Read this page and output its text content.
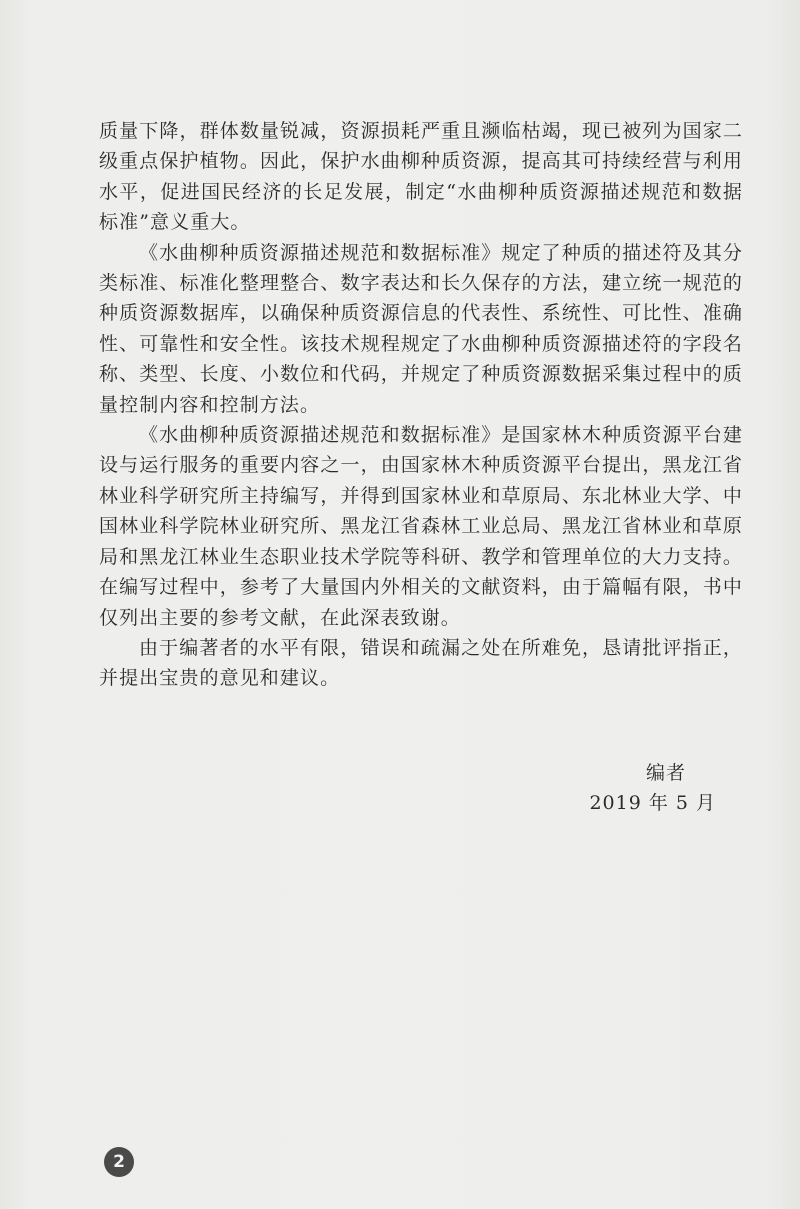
质量下降，群体数量锐减，资源损耗严重且濒临枯竭，现已被列为国家二级重点保护植物。因此，保护水曲柳种质资源，提高其可持续经营与利用水平，促进国民经济的长足发展，制定“水曲柳种质资源描述规范和数据标准”意义重大。

《水曲柳种质资源描述规范和数据标准》规定了种质的描述符及其分类标准、标准化整理整合、数字表达和长久保存的方法，建立统一规范的种质资源数据库，以确保种质资源信息的代表性、系统性、可比性、准确性、可靠性和安全性。该技术规程规定了水曲柳种质资源描述符的字段名称、类型、长度、小数位和代码，并规定了种质资源数据采集过程中的质量控制内容和控制方法。

《水曲柳种质资源描述规范和数据标准》是国家林木种质资源平台建设与运行服务的重要内容之一，由国家林木种质资源平台提出，黑龙江省林业科学研究所主持编写，并得到国家林业和草原局、东北林业大学、中国林业科学院林业研究所、黑龙江省森林工业总局、黑龙江省林业和草原局和黑龙江林业生态职业技术学院等科研、教学和管理单位的大力支持。在编写过程中，参考了大量国内外相关的文献资料，由于篇幅有限，书中仅列出主要的参考文献，在此深表致谢。

由于编著者的水平有限，错误和疏漏之处在所难免，恳请批评指正，并提出宝贵的意见和建议。

编者
2019 年 5 月
2
